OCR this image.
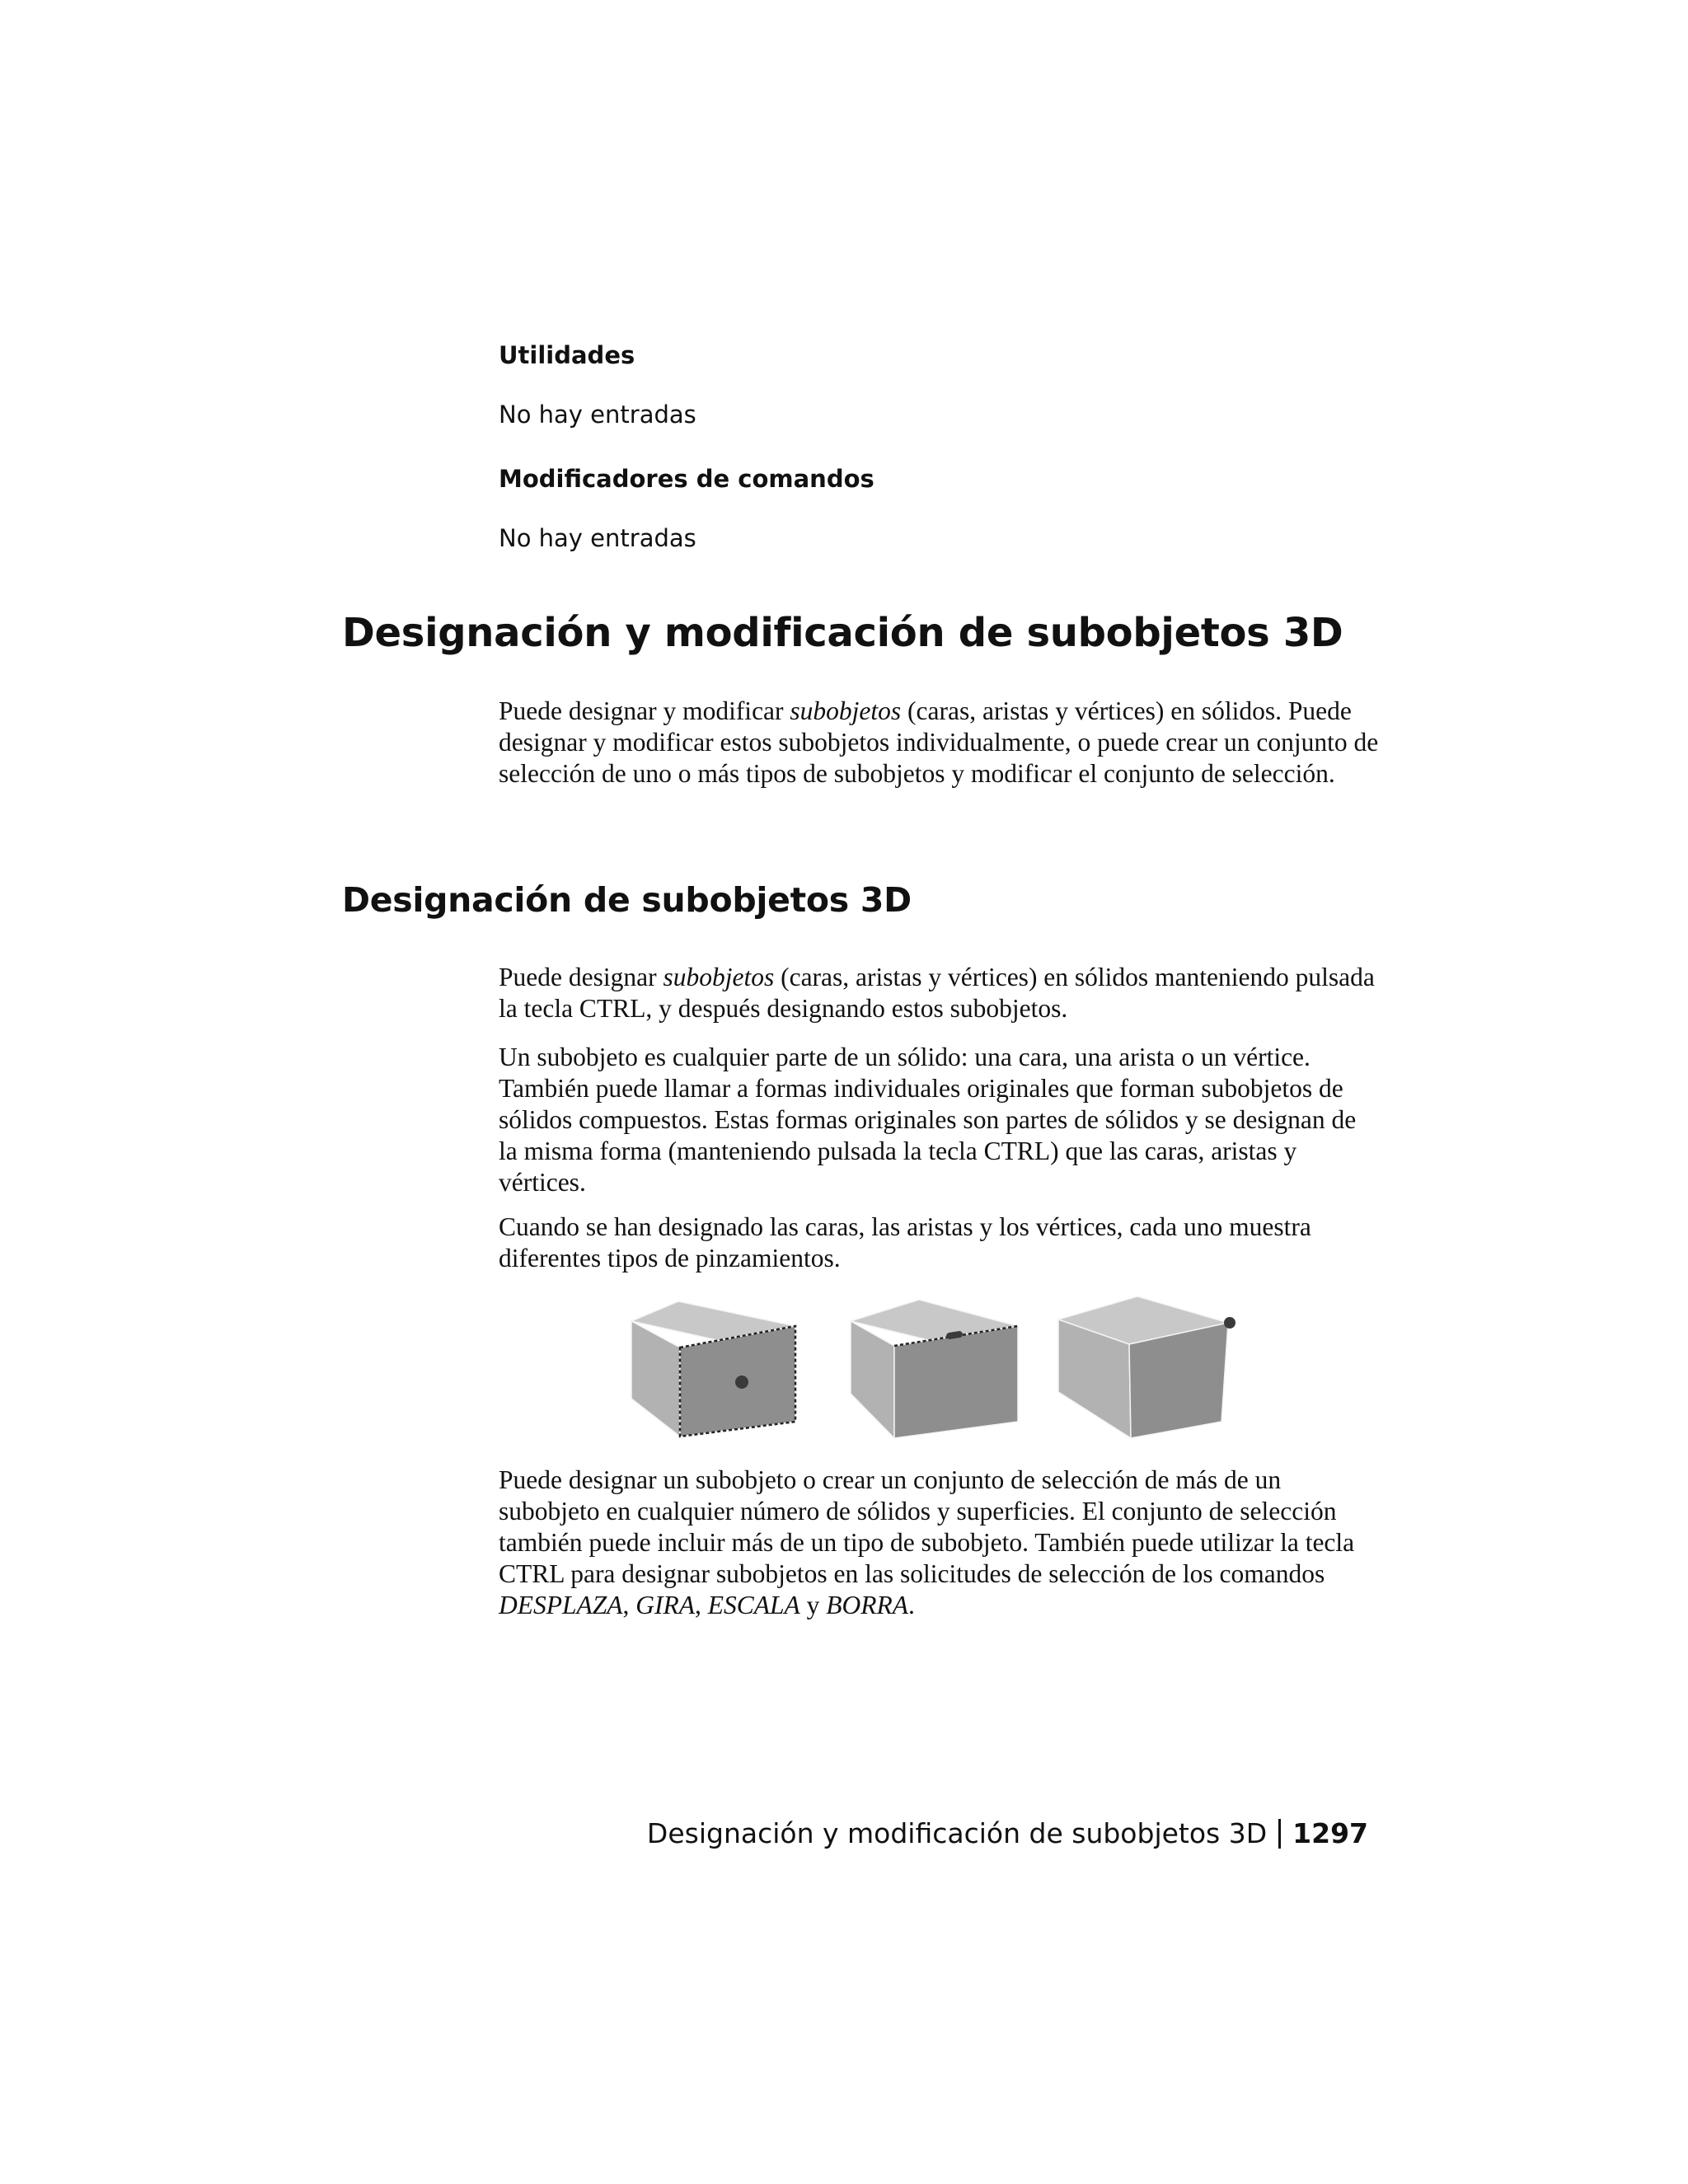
Utilidades

No hay entradas

Modificadores de comandos

No hay entradas

Designación y modificación de subobjetos 3D

Puede designar y modificar subobjetos (caras, aristas y vértices) en sólidos. Puede designar y modificar estos subobjetos individualmente, o puede crear un conjunto de selección de uno o más tipos de subobjetos y modificar el conjunto de selección.

Designación de subobjetos 3D

Puede designar subobjetos (caras, aristas y vértices) en sólidos manteniendo pulsada la tecla CTRL, y después designando estos subobjetos.

Un subobjeto es cualquier parte de un sólido: una cara, una arista o un vértice. También puede llamar a formas individuales originales que forman subobjetos de sólidos compuestos. Estas formas originales son partes de sólidos y se designan de la misma forma (manteniendo pulsada la tecla CTRL) que las caras, aristas y vértices.

Cuando se han designado las caras, las aristas y los vértices, cada uno muestra diferentes tipos de pinzamientos.

Puede designar un subobjeto o crear un conjunto de selección de más de un subobjeto en cualquier número de sólidos y superficies. El conjunto de selección también puede incluir más de un tipo de subobjeto. También puede utilizar la tecla CTRL para designar subobjetos en las solicitudes de selección de los comandos DESPLAZA, GIRA, ESCALA y BORRA.

Designación y modificación de subobjetos 3D 1297
